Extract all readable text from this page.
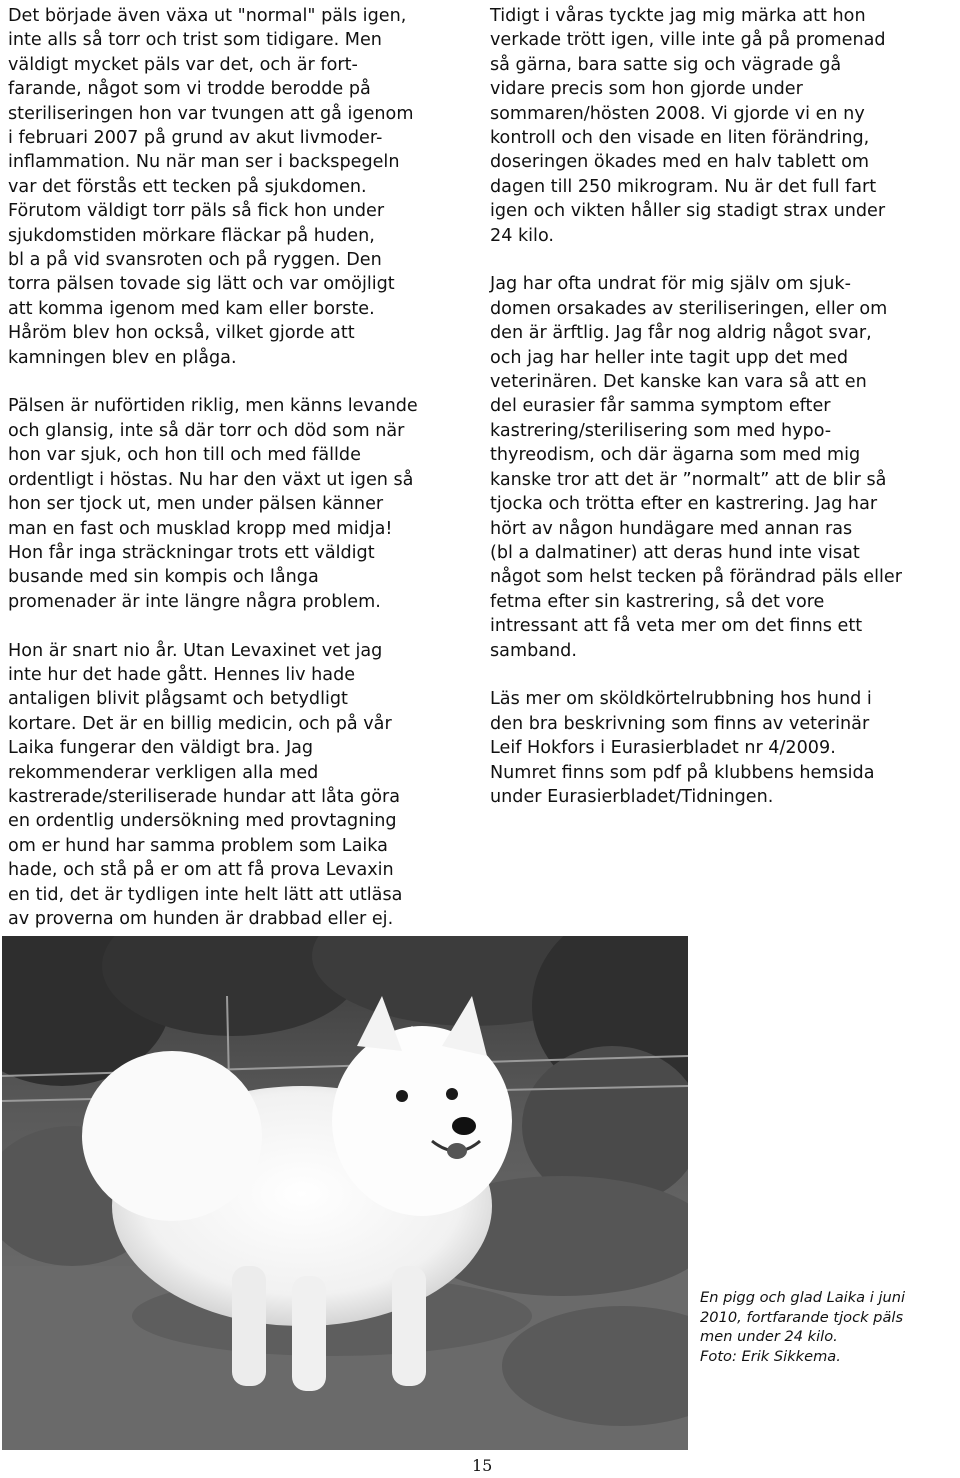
Det började även växa ut "normal" päls igen,
inte alls så torr och trist som tidigare. Men
väldigt mycket päls var det, och är fort-
farande, något som vi trodde berodde på
steriliseringen hon var tvungen att gå igenom
i februari 2007 på grund av akut livmoder-
inflammation. Nu när man ser i backspegeln
var det förstås ett tecken på sjukdomen.
Förutom väldigt torr päls så fick hon under
sjukdomstiden mörkare fläckar på huden,
bl a på vid svansroten och på ryggen. Den
torra pälsen tovade sig lätt och var omöjligt
att komma igenom med kam eller borste.
Håröm blev hon också, vilket gjorde att
kamningen blev en plåga.

Pälsen är nuförtiden riklig, men känns levande
och glansig, inte så där torr och död som när
hon var sjuk, och hon till och med fällde
ordentligt i höstas. Nu har den växt ut igen så
hon ser tjock ut, men under pälsen känner
man en fast och musklad kropp med midja!
Hon får inga sträckningar trots ett väldigt
busande med sin kompis och långa
promenader är inte längre några problem.

Hon är snart nio år. Utan Levaxinet vet jag
inte hur det hade gått. Hennes liv hade
antaligen blivit plågsamt och betydligt
kortare. Det är en billig medicin, och på vår
Laika fungerar den väldigt bra. Jag
rekommenderar verkligen alla med
kastrerade/steriliserade hundar att låta göra
en ordentlig undersökning med provtagning
om er hund har samma problem som Laika
hade, och stå på er om att få prova Levaxin
en tid, det är tydligen inte helt lätt att utläsa
av proverna om hunden är drabbad eller ej.

Tidigt i våras tyckte jag mig märka att hon
verkade trött igen, ville inte gå på promenad
så gärna, bara satte sig och vägrade gå
vidare precis som hon gjorde under
sommaren/hösten 2008. Vi gjorde vi en ny
kontroll och den visade en liten förändring,
doseringen ökades med en halv tablett om
dagen till 250 mikrogram. Nu är det full fart
igen och vikten håller sig stadigt strax under
24 kilo.

Jag har ofta undrat för mig själv om sjuk-
domen orsakades av steriliseringen, eller om
den är ärftlig. Jag får nog aldrig något svar,
och jag har heller inte tagit upp det med
veterinären. Det kanske kan vara så att en
del eurasier får samma symptom efter
kastrering/sterilisering som med hypo-
thyreodism, och där ägarna som med mig
kanske tror att det är ”normalt” att de blir så
tjocka och trötta efter en kastrering. Jag har
hört av någon hundägare med annan ras
(bl a dalmatiner) att deras hund inte visat
något som helst tecken på förändrad päls eller
fetma efter sin kastrering, så det vore
intressant att få veta mer om det finns ett
samband.

Läs mer om sköldkörtelrubbning hos hund i
den bra beskrivning som finns av veterinär
Leif Hokfors i Eurasierbladet nr 4/2009.
Numret finns som pdf på klubbens hemsida
under Eurasierbladet/Tidningen.

En pigg och glad Laika i juni
2010, fortfarande tjock päls
men under 24 kilo.
Foto: Erik Sikkema.
15
